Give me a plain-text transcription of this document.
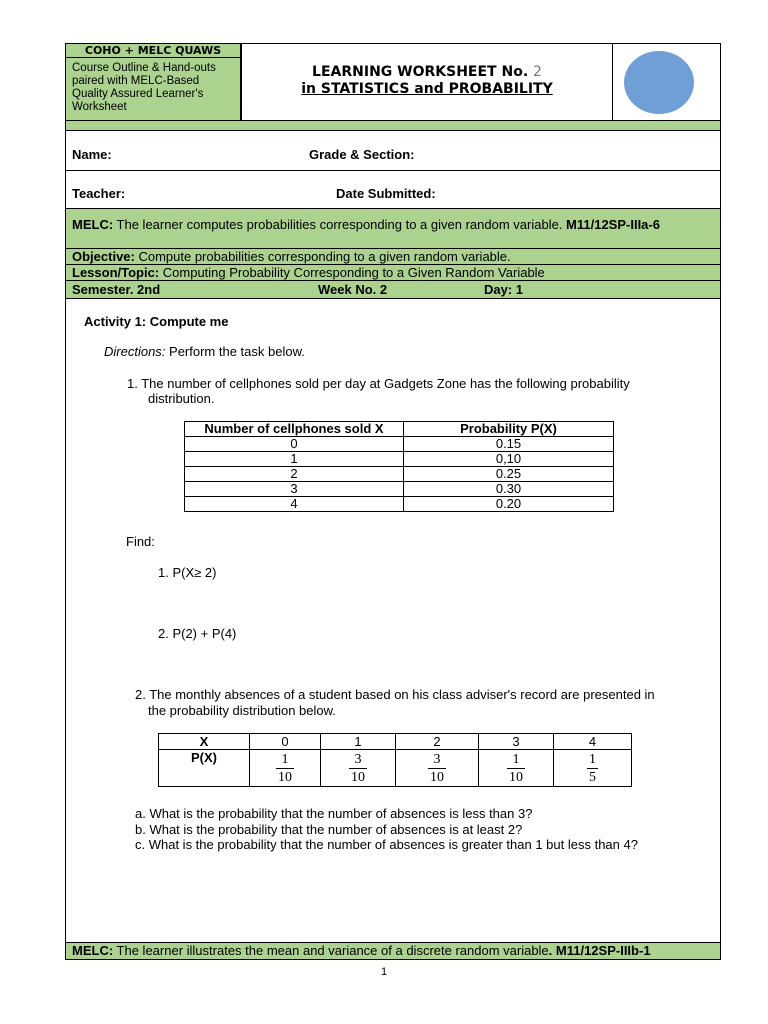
COHO + MELC QUAWS
Course Outline & Hand-outs paired with MELC-Based Quality Assured Learner's Worksheet
LEARNING WORKSHEET No. 2
in STATISTICS and PROBABILITY
Name:	Grade & Section:
Teacher:	Date Submitted:
MELC: The learner computes probabilities corresponding to a given random variable. M11/12SP-IIIa-6
Objective: Compute probabilities corresponding to a given random variable.
Lesson/Topic: Computing Probability Corresponding to a Given Random Variable
Semester. 2nd	Week No. 2	Day: 1
Activity 1: Compute me
Directions: Perform the task below.
1. The number of cellphones sold per day at Gadgets Zone has the following probability
distribution.
Number of cellphones sold X	Probability P(X)
0	0.15
1	0,10
2	0.25
3	0.30
4	0.20
Find:
1. P(X≥ 2)
2. P(2) + P(4)
2. The monthly absences of a student based on his class adviser's record are presented in
the probability distribution below.
X	0	1	2	3	4
P(X)	$\frac{1}{10}$	$\frac{3}{10}$	$\frac{3}{10}$	$\frac{1}{10}$	$\frac{1}{5}$
a. What is the probability that the number of absences is less than 3?
b. What is the probability that the number of absences is at least 2?
c. What is the probability that the number of absences is greater than 1 but less than 4?
MELC: The learner illustrates the mean and variance of a discrete random variable. M11/12SP-IIIb-1
1
